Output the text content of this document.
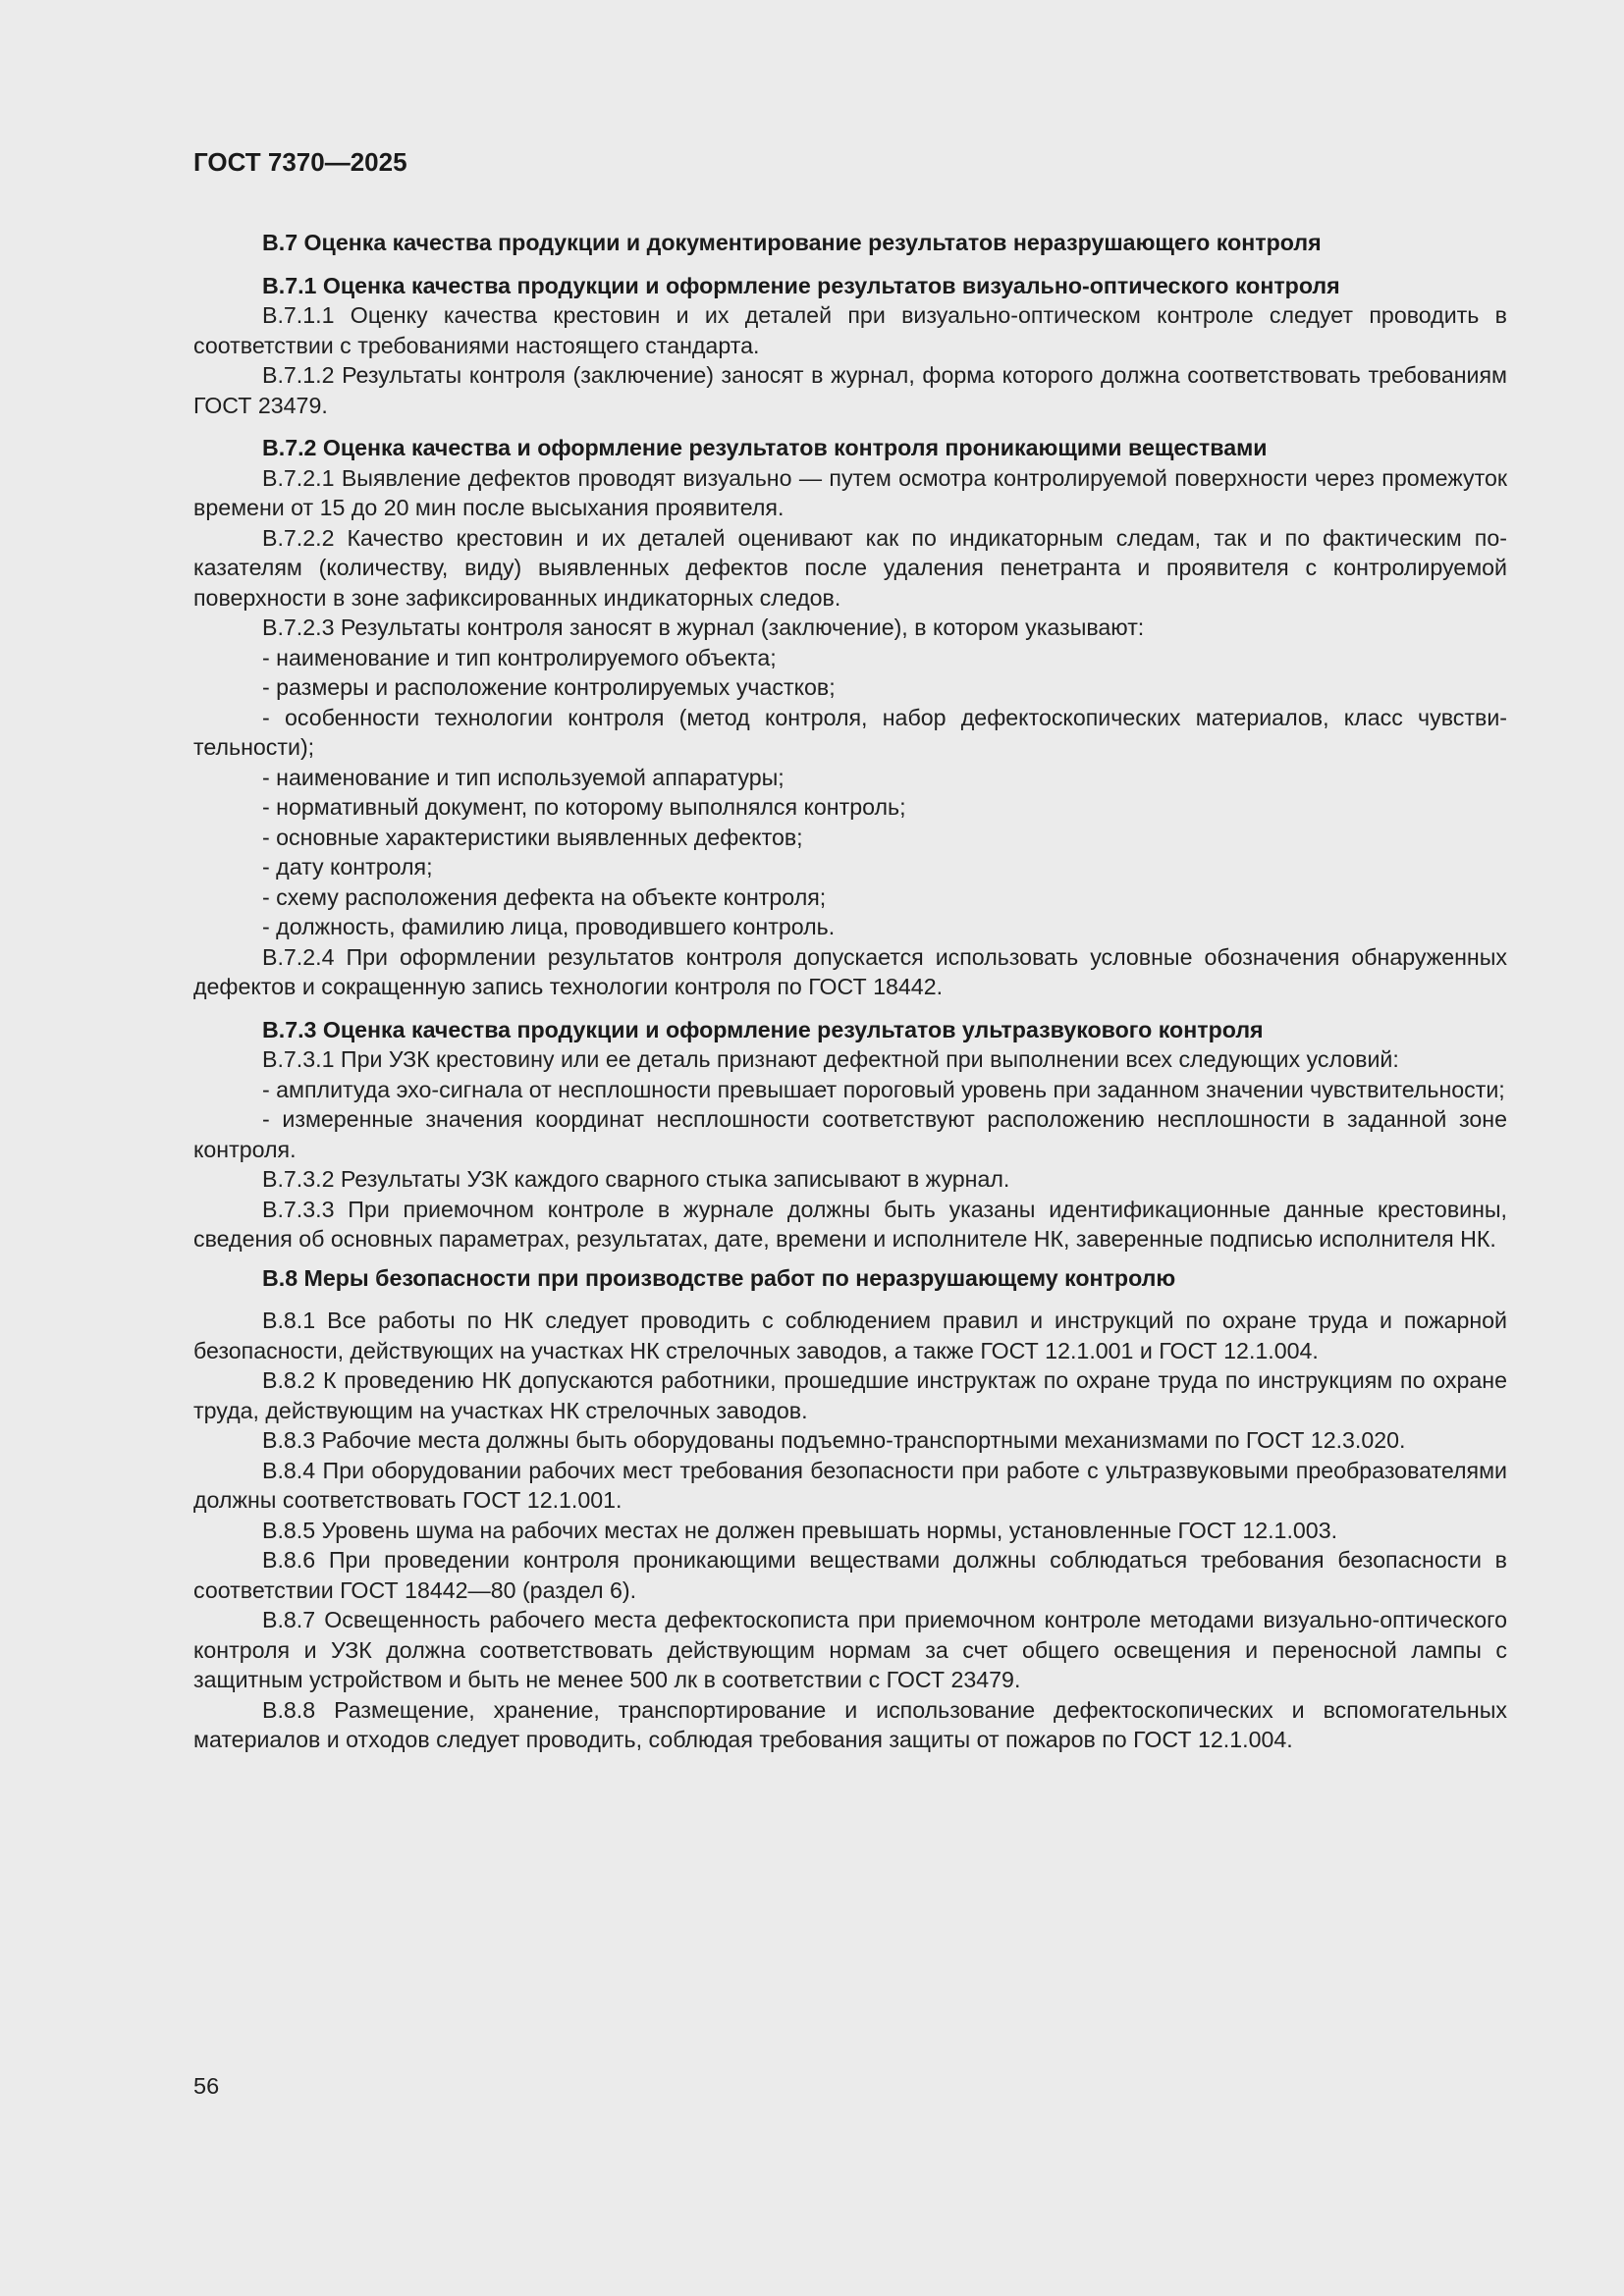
ГОСТ 7370—2025

В.7 Оценка качества продукции и документирование результатов неразрушающего контроля

В.7.1 Оценка качества продукции и оформление результатов визуально-оптического контроля

В.7.1.1 Оценку качества крестовин и их деталей при визуально-оптическом контроле следует проводить в соответствии с требованиями настоящего стандарта.

В.7.1.2 Результаты контроля (заключение) заносят в журнал, форма которого должна соответствовать требованиям ГОСТ 23479.

В.7.2 Оценка качества и оформление результатов контроля проникающими веществами

В.7.2.1 Выявление дефектов проводят визуально — путем осмотра контролируемой поверхности через промежуток времени от 15 до 20 мин после высыхания проявителя.

В.7.2.2 Качество крестовин и их деталей оценивают как по индикаторным следам, так и по фактическим показателям (количеству, виду) выявленных дефектов после удаления пенетранта и проявителя с контролируемой поверхности в зоне зафиксированных индикаторных следов.

В.7.2.3 Результаты контроля заносят в журнал (заключение), в котором указывают:

- наименование и тип контролируемого объекта;

- размеры и расположение контролируемых участков;

- особенности технологии контроля (метод контроля, набор дефектоскопических материалов, класс чувствительности);

- наименование и тип используемой аппаратуры;

- нормативный документ, по которому выполнялся контроль;

- основные характеристики выявленных дефектов;

- дату контроля;

- схему расположения дефекта на объекте контроля;

- должность, фамилию лица, проводившего контроль.

В.7.2.4 При оформлении результатов контроля допускается использовать условные обозначения обнаруженных дефектов и сокращенную запись технологии контроля по ГОСТ 18442.

В.7.3 Оценка качества продукции и оформление результатов ультразвукового контроля

В.7.3.1 При УЗК крестовину или ее деталь признают дефектной при выполнении всех следующих условий:

- амплитуда эхо-сигнала от несплошности превышает пороговый уровень при заданном значении чувствительности;

- измеренные значения координат несплошности соответствуют расположению несплошности в заданной зоне контроля.

В.7.3.2 Результаты УЗК каждого сварного стыка записывают в журнал.

В.7.3.3 При приемочном контроле в журнале должны быть указаны идентификационные данные крестовины, сведения об основных параметрах, результатах, дате, времени и исполнителе НК, заверенные подписью исполнителя НК.

В.8 Меры безопасности при производстве работ по неразрушающему контролю

В.8.1 Все работы по НК следует проводить с соблюдением правил и инструкций по охране труда и пожарной безопасности, действующих на участках НК стрелочных заводов, а также ГОСТ 12.1.001 и ГОСТ 12.1.004.

В.8.2 К проведению НК допускаются работники, прошедшие инструктаж по охране труда по инструкциям по охране труда, действующим на участках НК стрелочных заводов.

В.8.3 Рабочие места должны быть оборудованы подъемно-транспортными механизмами по ГОСТ 12.3.020.

В.8.4 При оборудовании рабочих мест требования безопасности при работе с ультразвуковыми преобразователями должны соответствовать ГОСТ 12.1.001.

В.8.5 Уровень шума на рабочих местах не должен превышать нормы, установленные ГОСТ 12.1.003.

В.8.6 При проведении контроля проникающими веществами должны соблюдаться требования безопасности в соответствии ГОСТ 18442—80 (раздел 6).

В.8.7 Освещенность рабочего места дефектоскописта при приемочном контроле методами визуально-оптического контроля и УЗК должна соответствовать действующим нормам за счет общего освещения и переносной лампы с защитным устройством и быть не менее 500 лк в соответствии с ГОСТ 23479.

В.8.8 Размещение, хранение, транспортирование и использование дефектоскопических и вспомогательных материалов и отходов следует проводить, соблюдая требования защиты от пожаров по ГОСТ 12.1.004.

56
